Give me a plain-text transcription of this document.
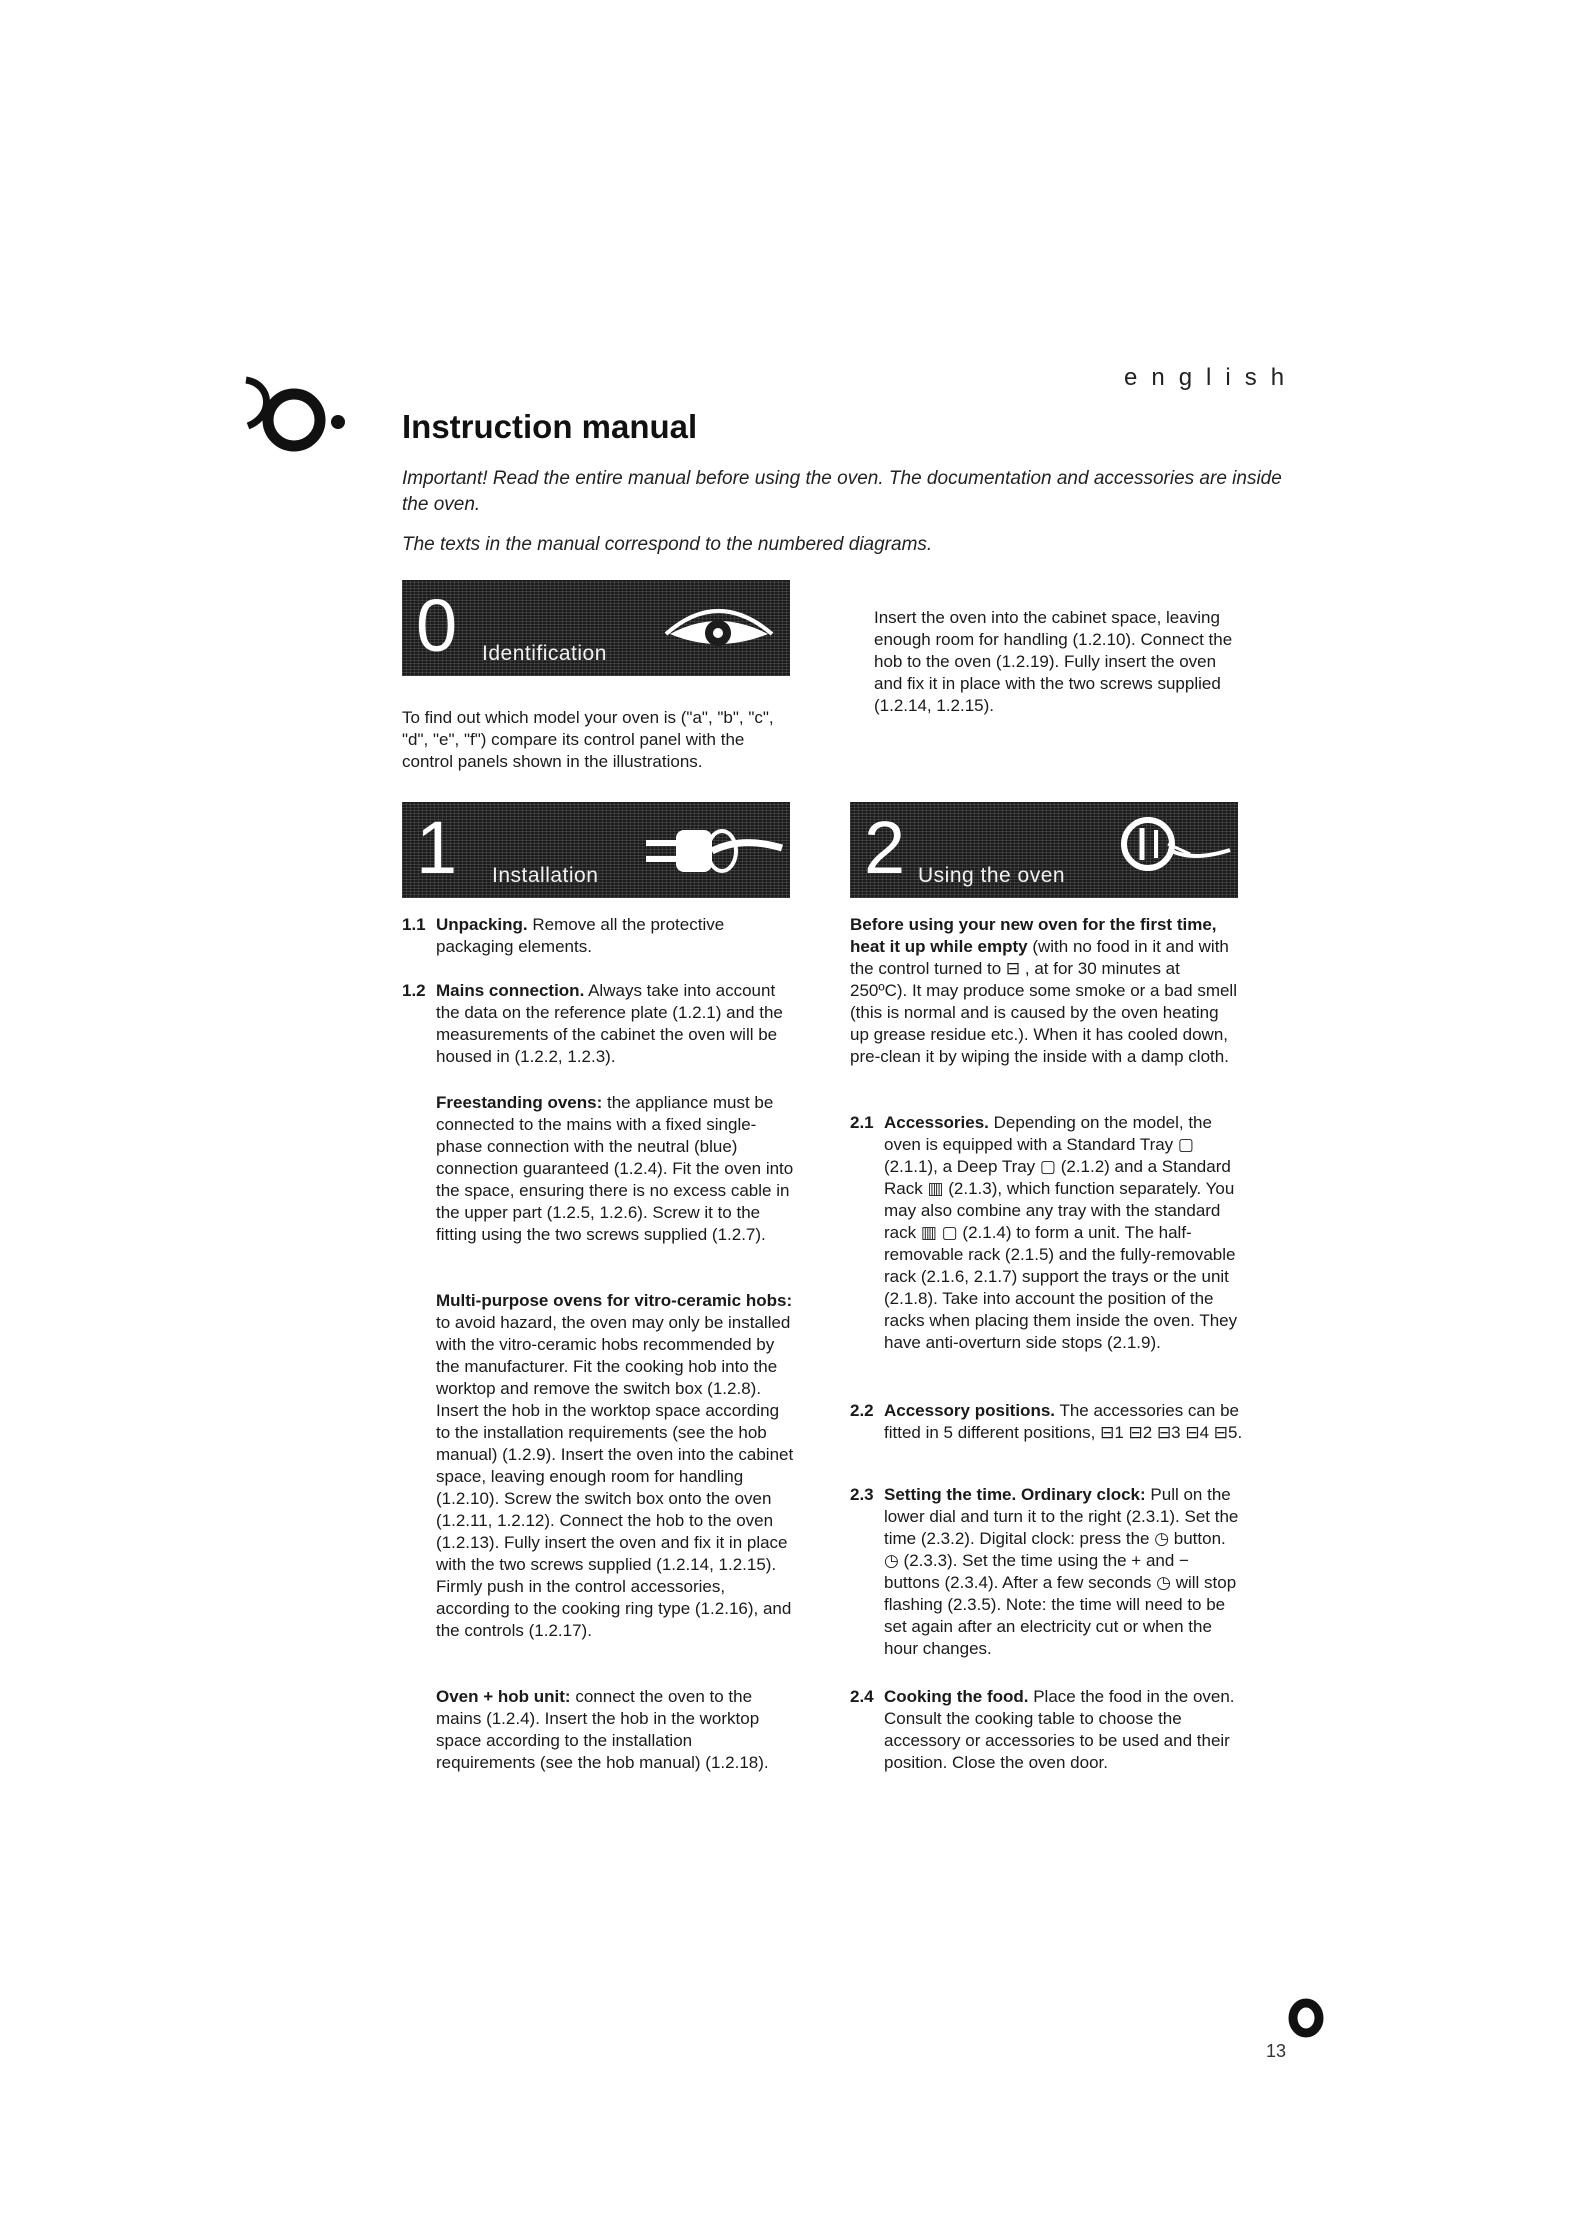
english
Instruction manual

Important! Read the entire manual before using the oven. The documentation and accessories are inside the oven.

The texts in the manual correspond to the numbered diagrams.

0 Identification

To find out which model your oven is ("a", "b", "c", "d", "e", "f") compare its control panel with the control panels shown in the illustrations.

Insert the oven into the cabinet space, leaving enough room for handling (1.2.10). Connect the hob to the oven (1.2.19). Fully insert the oven and fix it in place with the two screws supplied (1.2.14, 1.2.15).

1 Installation
1.1 Unpacking. Remove all the protective packaging elements.
1.2 Mains connection. Always take into account the data on the reference plate (1.2.1) and the measurements of the cabinet the oven will be housed in (1.2.2, 1.2.3).
Freestanding ovens: the appliance must be connected to the mains with a fixed single-phase connection with the neutral (blue) connection guaranteed (1.2.4). Fit the oven into the space, ensuring there is no excess cable in the upper part (1.2.5, 1.2.6). Screw it to the fitting using the two screws supplied (1.2.7).
Multi-purpose ovens for vitro-ceramic hobs: to avoid hazard, the oven may only be installed with the vitro-ceramic hobs recommended by the manufacturer. Fit the cooking hob into the worktop and remove the switch box (1.2.8). Insert the hob in the worktop space according to the installation requirements (see the hob manual) (1.2.9). Insert the oven into the cabinet space, leaving enough room for handling (1.2.10). Screw the switch box onto the oven (1.2.11, 1.2.12). Connect the hob to the oven (1.2.13). Fully insert the oven and fix it in place with the two screws supplied (1.2.14, 1.2.15). Firmly push in the control accessories, according to the cooking ring type (1.2.16), and the controls (1.2.17).
Oven + hob unit: connect the oven to the mains (1.2.4). Insert the hob in the worktop space according to the installation requirements (see the hob manual) (1.2.18).
2 Using the oven
Before using your new oven for the first time, heat it up while empty (with no food in it and with the control turned to ⊟ , at for 30 minutes at 250ºC). It may produce some smoke or a bad smell (this is normal and is caused by the oven heating up grease residue etc.). When it has cooled down, pre-clean it by wiping the inside with a damp cloth.
2.1 Accessories. Depending on the model, the oven is equipped with a Standard Tray ▢ (2.1.1), a Deep Tray ▢ (2.1.2) and a Standard Rack ▥ (2.1.3), which function separately. You may also combine any tray with the standard rack ▥ ▢ (2.1.4) to form a unit. The half-removable rack (2.1.5) and the fully-removable rack (2.1.6, 2.1.7) support the trays or the unit (2.1.8). Take into account the position of the racks when placing them inside the oven. They have anti-overturn side stops (2.1.9).
2.2 Accessory positions. The accessories can be fitted in 5 different positions, ⊟1 ⊟2 ⊟3 ⊟4 ⊟5.
2.3 Setting the time. Ordinary clock: Pull on the lower dial and turn it to the right (2.3.1). Set the time (2.3.2). Digital clock: press the ◷ button. ◷ (2.3.3). Set the time using the + and − buttons (2.3.4). After a few seconds ◷ will stop flashing (2.3.5). Note: the time will need to be set again after an electricity cut or when the hour changes.
2.4 Cooking the food. Place the food in the oven. Consult the cooking table to choose the accessory or accessories to be used and their position. Close the oven door.
13
